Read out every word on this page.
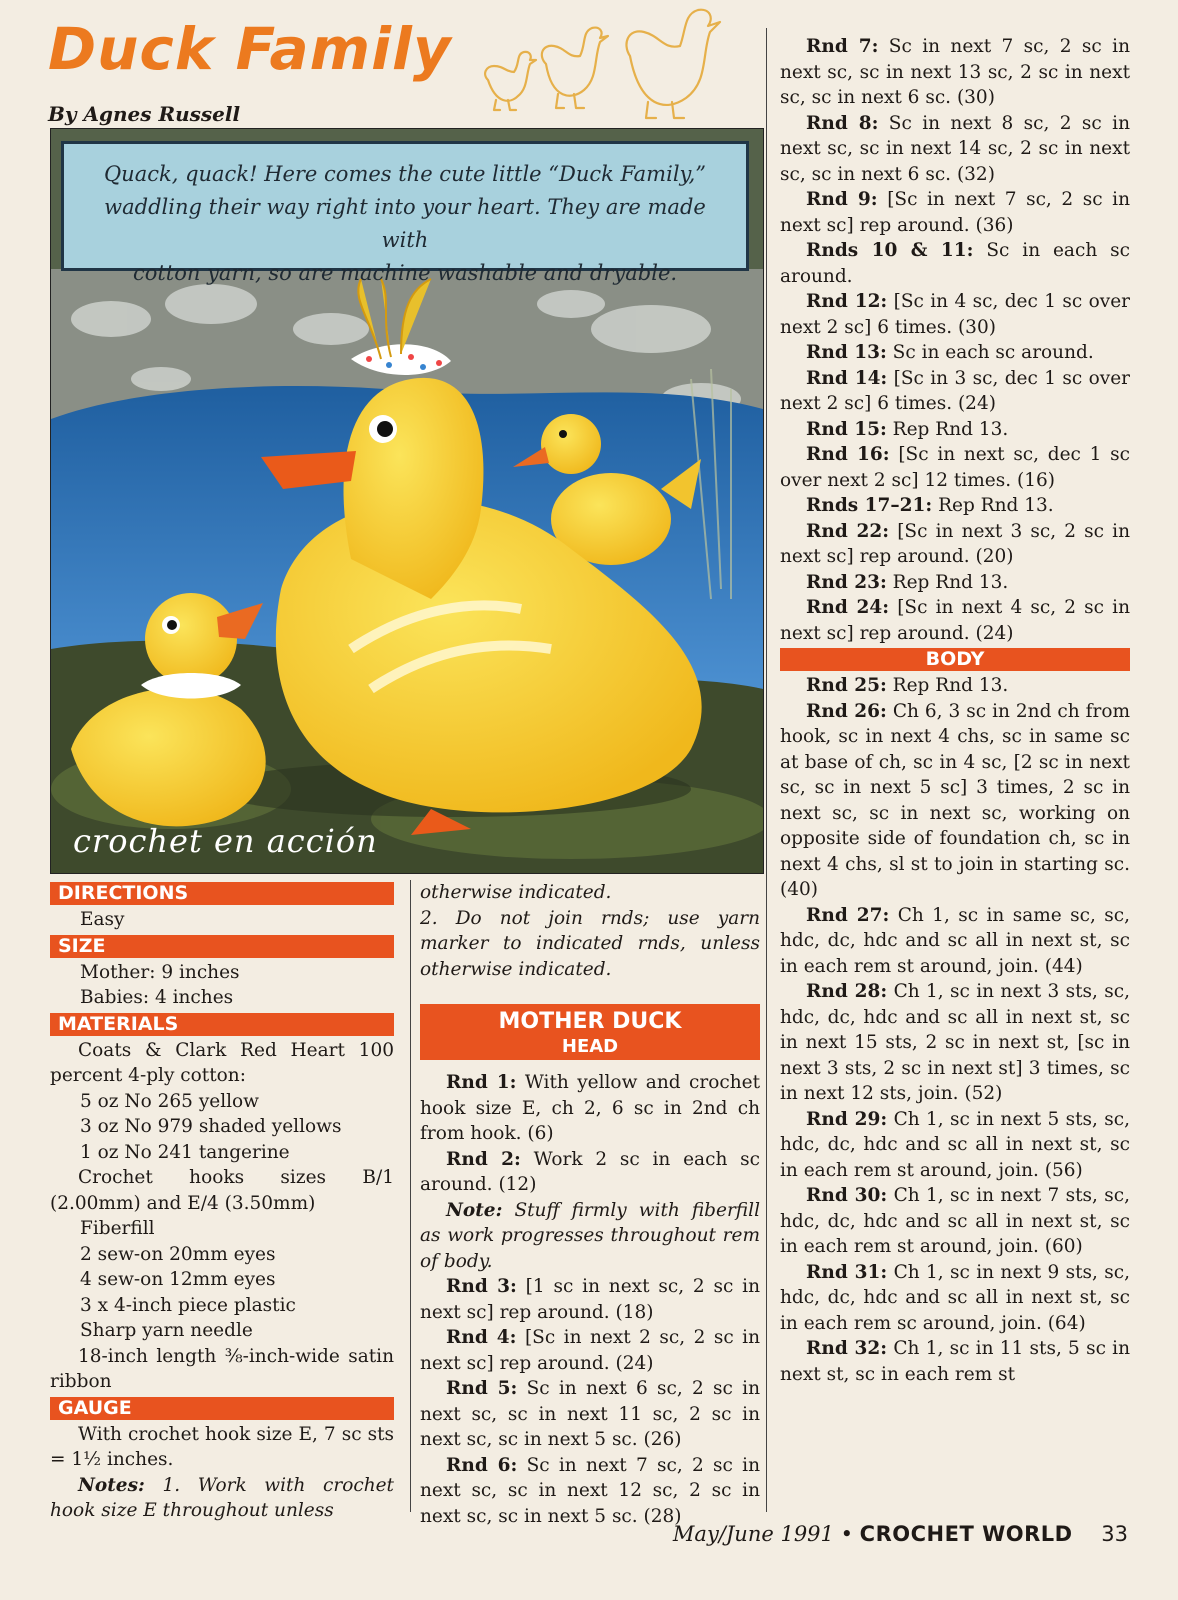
Duck Family
By Agnes Russell
Quack, quack! Here comes the cute little “Duck Family,”
waddling their way right into your heart. They are made with
cotton yarn, so are machine washable and dryable.
crochet en acción
DIRECTIONS

Easy

SIZE

Mother: 9 inches

Babies: 4 inches

MATERIALS

Coats & Clark Red Heart 100 percent 4-ply cotton:

5 oz No 265 yellow

3 oz No 979 shaded yellows

1 oz No 241 tangerine

Crochet hooks sizes B/1 (2.00mm) and E/4 (3.50mm)

Fiberfill

2 sew-on 20mm eyes

4 sew-on 12mm eyes

3 x 4-inch piece plastic

Sharp yarn needle

18-inch length ⅜-inch-wide satin ribbon

GAUGE

With crochet hook size E, 7 sc sts = 1½ inches.

Notes: 1. Work with crochet hook size E throughout unless

otherwise indicated.

2. Do not join rnds; use yarn marker to indicated rnds, unless otherwise indicated.

MOTHER DUCK
HEAD

Rnd 1: With yellow and crochet hook size E, ch 2, 6 sc in 2nd ch from hook. (6)

Rnd 2: Work 2 sc in each sc around. (12)

Note: Stuff firmly with fiberfill as work progresses throughout rem of body.

Rnd 3: [1 sc in next sc, 2 sc in next sc] rep around. (18)

Rnd 4: [Sc in next 2 sc, 2 sc in next sc] rep around. (24)

Rnd 5: Sc in next 6 sc, 2 sc in next sc, sc in next 11 sc, 2 sc in next sc, sc in next 5 sc. (26)

Rnd 6: Sc in next 7 sc, 2 sc in next sc, sc in next 12 sc, 2 sc in next sc, sc in next 5 sc. (28)

Rnd 7: Sc in next 7 sc, 2 sc in next sc, sc in next 13 sc, 2 sc in next sc, sc in next 6 sc. (30)

Rnd 8: Sc in next 8 sc, 2 sc in next sc, sc in next 14 sc, 2 sc in next sc, sc in next 6 sc. (32)

Rnd 9: [Sc in next 7 sc, 2 sc in next sc] rep around. (36)

Rnds 10 & 11: Sc in each sc around.

Rnd 12: [Sc in 4 sc, dec 1 sc over next 2 sc] 6 times. (30)

Rnd 13: Sc in each sc around.

Rnd 14: [Sc in 3 sc, dec 1 sc over next 2 sc] 6 times. (24)

Rnd 15: Rep Rnd 13.

Rnd 16: [Sc in next sc, dec 1 sc over next 2 sc] 12 times. (16)

Rnds 17–21: Rep Rnd 13.

Rnd 22: [Sc in next 3 sc, 2 sc in next sc] rep around. (20)

Rnd 23: Rep Rnd 13.

Rnd 24: [Sc in next 4 sc, 2 sc in next sc] rep around. (24)

BODY

Rnd 25: Rep Rnd 13.

Rnd 26: Ch 6, 3 sc in 2nd ch from hook, sc in next 4 chs, sc in same sc at base of ch, sc in 4 sc, [2 sc in next sc, sc in next 5 sc] 3 times, 2 sc in next sc, sc in next sc, working on opposite side of foundation ch, sc in next 4 chs, sl st to join in starting sc. (40)

Rnd 27: Ch 1, sc in same sc, sc, hdc, dc, hdc and sc all in next st, sc in each rem st around, join. (44)

Rnd 28: Ch 1, sc in next 3 sts, sc, hdc, dc, hdc and sc all in next st, sc in next 15 sts, 2 sc in next st, [sc in next 3 sts, 2 sc in next st] 3 times, sc in next 12 sts, join. (52)

Rnd 29: Ch 1, sc in next 5 sts, sc, hdc, dc, hdc and sc all in next st, sc in each rem st around, join. (56)

Rnd 30: Ch 1, sc in next 7 sts, sc, hdc, dc, hdc and sc all in next st, sc in each rem st around, join. (60)

Rnd 31: Ch 1, sc in next 9 sts, sc, hdc, dc, hdc and sc all in next st, sc in each rem sc around, join. (64)

Rnd 32: Ch 1, sc in 11 sts, 5 sc in next st, sc in each rem st

May/June 1991 • CROCHET WORLD 33
